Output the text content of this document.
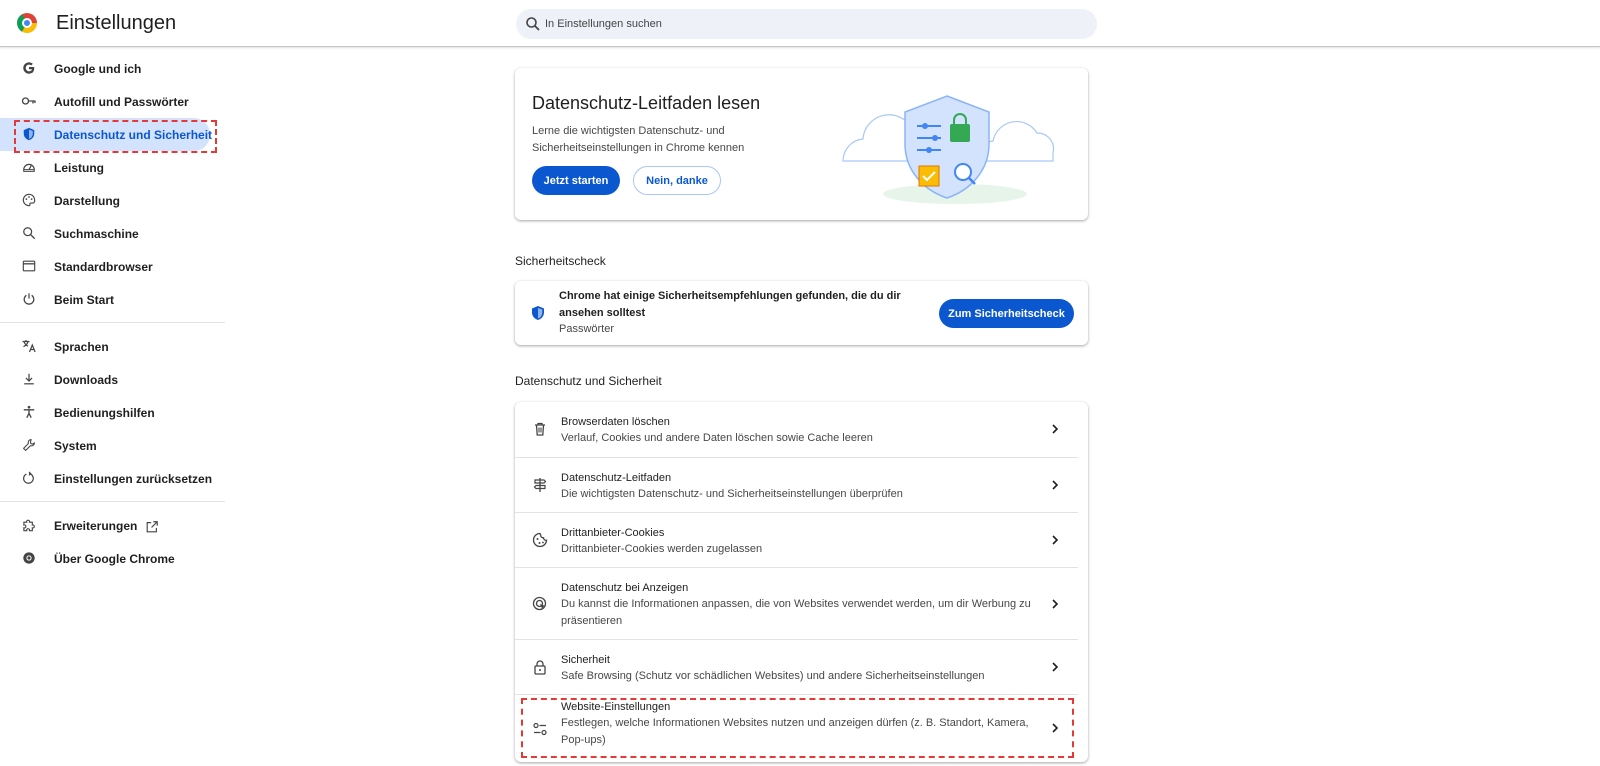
Einstellungen
In Einstellungen suchen
Google und ich
Autofill und Passwörter
Datenschutz und Sicherheit
Leistung
Darstellung
Suchmaschine
Standardbrowser
Beim Start
Sprachen
Downloads
Bedienungshilfen
System
Einstellungen zurücksetzen
Erweiterungen
Über Google Chrome
Datenschutz-Leitfaden lesen
Lerne die wichtigsten Datenschutz- und Sicherheitseinstellungen in Chrome kennen
Jetzt starten	Nein, danke
Sicherheitscheck
Chrome hat einige Sicherheitsempfehlungen gefunden, die du dir ansehen solltest
Passwörter
Zum Sicherheitscheck
Datenschutz und Sicherheit
Browserdaten löschen
Verlauf, Cookies und andere Daten löschen sowie Cache leeren
Datenschutz-Leitfaden
Die wichtigsten Datenschutz- und Sicherheitseinstellungen überprüfen
Drittanbieter-Cookies
Drittanbieter-Cookies werden zugelassen
Datenschutz bei Anzeigen
Du kannst die Informationen anpassen, die von Websites verwendet werden, um dir Werbung zu präsentieren
Sicherheit
Safe Browsing (Schutz vor schädlichen Websites) und andere Sicherheitseinstellungen
Website-Einstellungen
Festlegen, welche Informationen Websites nutzen und anzeigen dürfen (z. B. Standort, Kamera, Pop-ups)
